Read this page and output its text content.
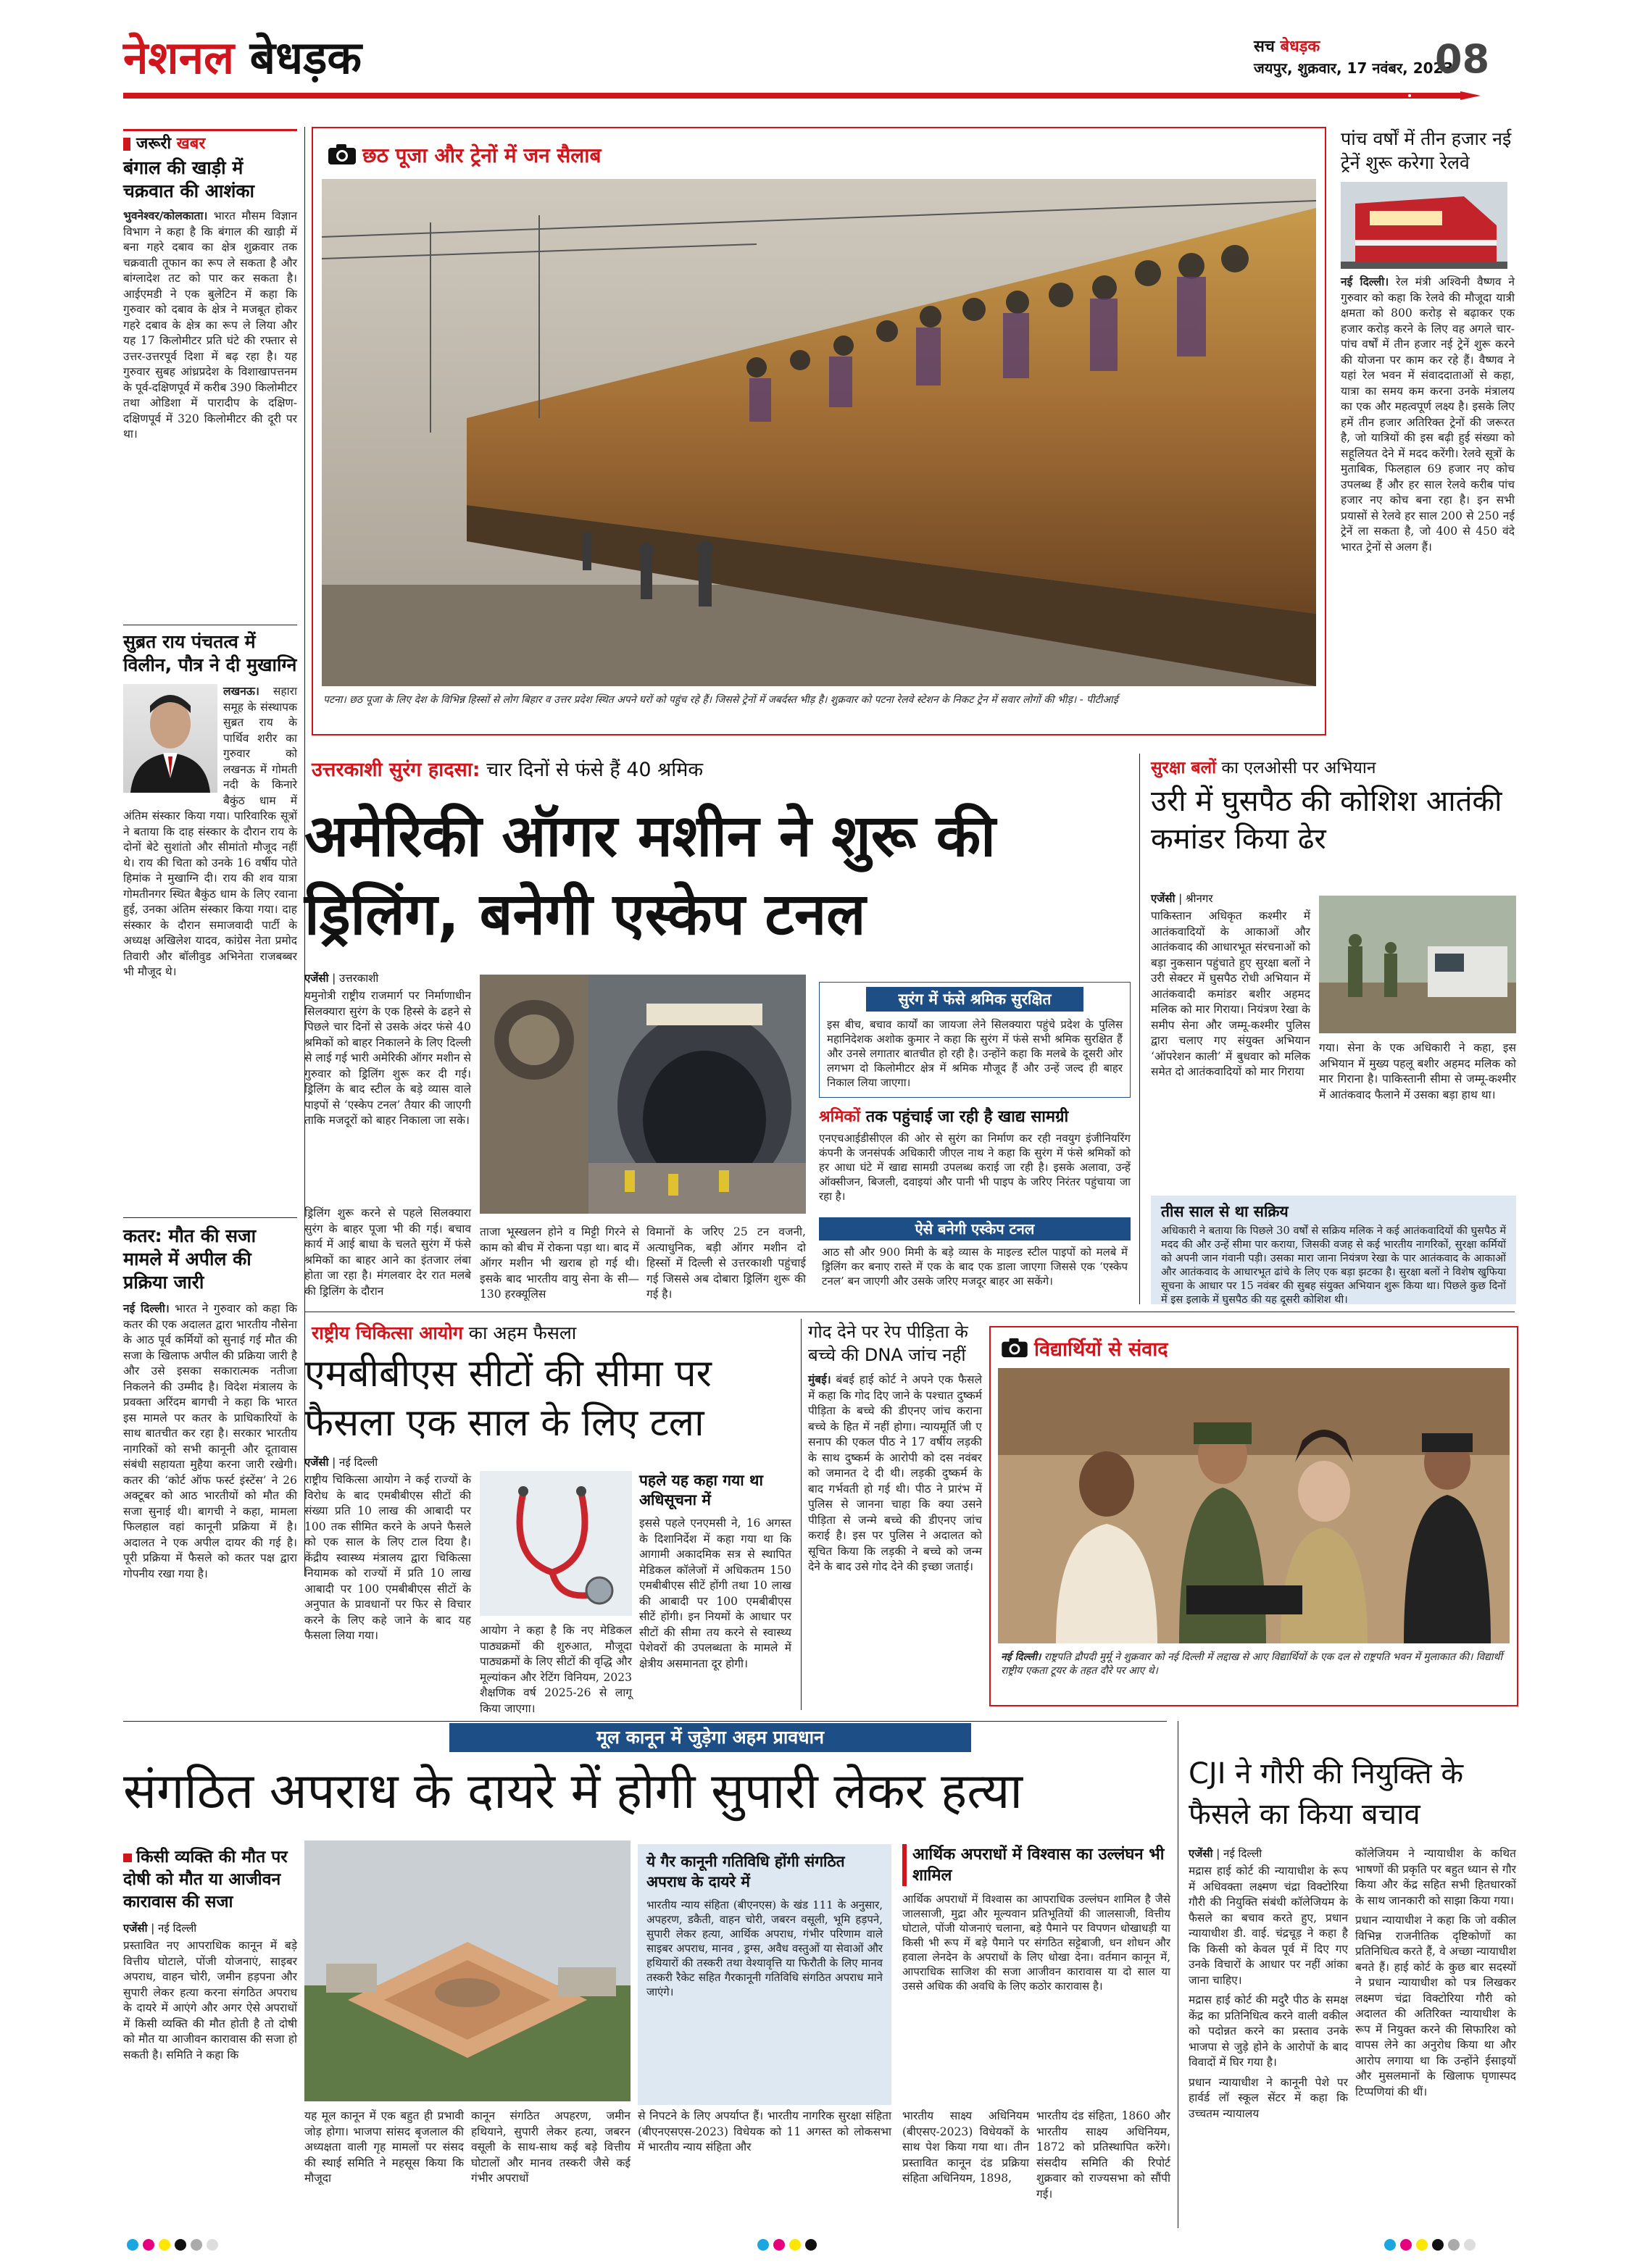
नेशनल बेधड़क	सच बेधड़क
जयपुर, शुक्रवार, 17 नवंबर, 2023
08
जरूरी खबर
बंगाल की खाड़ी में चक्रवात की आशंका
भुवनेश्वर/कोलकाता। भारत मौसम विज्ञान विभाग ने कहा है कि बंगाल की खाड़ी में बना गहरे दबाव का क्षेत्र शुक्रवार तक चक्रवाती तूफान का रूप ले सकता है और बांग्लादेश तट को पार कर सकता है। आईएमडी ने एक बुलेटिन में कहा कि गुरुवार को दबाव के क्षेत्र ने मजबूत होकर गहरे दबाव के क्षेत्र का रूप ले लिया और यह 17 किलोमीटर प्रति घंटे की रफ्तार से उत्तर-उत्तरपूर्व दिशा में बढ़ रहा है। यह गुरुवार सुबह आंध्रप्रदेश के विशाखापत्तनम के पूर्व-दक्षिणपूर्व में करीब 390 किलोमीटर तथा ओडिशा में पारादीप के दक्षिण-दक्षिणपूर्व में 320 किलोमीटर की दूरी पर था।
सुब्रत राय पंचतत्व में विलीन, पौत्र ने दी मुखाग्नि
लखनऊ। सहारा समूह के संस्थापक सुब्रत राय के पार्थिव शरीर का गुरुवार को लखनऊ में गोमती नदी के किनारे बैकुंठ धाम में अंतिम संस्कार किया गया। पारिवारिक सूत्रों ने बताया कि दाह संस्कार के दौरान राय के दोनों बेटे सुशांतो और सीमांतो मौजूद नहीं थे। राय की चिता को उनके 16 वर्षीय पोते हिमांक ने मुखाग्नि दी। राय की शव यात्रा गोमतीनगर स्थित बैकुंठ धाम के लिए रवाना हुई, उनका अंतिम संस्कार किया गया। दाह संस्कार के दौरान समाजवादी पार्टी के अध्यक्ष अखिलेश यादव, कांग्रेस नेता प्रमोद तिवारी और बॉलीवुड अभिनेता राजबब्बर भी मौजूद थे।
कतर: मौत की सजा मामले में अपील की प्रक्रिया जारी
नई दिल्ली। भारत ने गुरुवार को कहा कि कतर की एक अदालत द्वारा भारतीय नौसेना के आठ पूर्व कर्मियों को सुनाई गई मौत की सजा के खिलाफ अपील की प्रक्रिया जारी है और उसे इसका सकारात्मक नतीजा निकलने की उम्मीद है। विदेश मंत्रालय के प्रवक्ता अरिंदम बागची ने कहा कि भारत इस मामले पर कतर के प्राधिकारियों के साथ बातचीत कर रहा है। सरकार भारतीय नागरिकों को सभी कानूनी और दूतावास संबंधी सहायता मुहैया करना जारी रखेगी। कतर की ‘कोर्ट ऑफ फर्स्ट इंस्टेंस’ ने 26 अक्टूबर को आठ भारतीयों को मौत की सजा सुनाई थी। बागची ने कहा, मामला फिलहाल वहां कानूनी प्रक्रिया में है। अदालत ने एक अपील दायर की गई है। पूरी प्रक्रिया में फैसले को कतर पक्ष द्वारा गोपनीय रखा गया है।
छठ पूजा और ट्रेनों में जन सैलाब
पटना। छठ पूजा के लिए देश के विभिन्न हिस्सों से लोग बिहार व उत्तर प्रदेश स्थित अपने घरों को पहुंच रहे हैं। जिससे ट्रेनों में जबर्दस्त भीड़ है। शुक्रवार को पटना रेलवे स्टेशन के निकट ट्रेन में सवार लोगों की भीड़। - पीटीआई
पांच वर्षों में तीन हजार नई ट्रेनें शुरू करेगा रेलवे
नई दिल्ली। रेल मंत्री अश्विनी वैष्णव ने गुरुवार को कहा कि रेलवे की मौजूदा यात्री क्षमता को 800 करोड़ से बढ़ाकर एक हजार करोड़ करने के लिए वह अगले चार-पांच वर्षों में तीन हजार नई ट्रेनें शुरू करने की योजना पर काम कर रहे हैं। वैष्णव ने यहां रेल भवन में संवाददाताओं से कहा, यात्रा का समय कम करना उनके मंत्रालय का एक और महत्वपूर्ण लक्ष्य है। इसके लिए हमें तीन हजार अतिरिक्त ट्रेनों की जरूरत है, जो यात्रियों की इस बढ़ी हुई संख्या को सहूलियत देने में मदद करेंगी। रेलवे सूत्रों के मुताबिक, फिलहाल 69 हजार नए कोच उपलब्ध हैं और हर साल रेलवे करीब पांच हजार नए कोच बना रहा है। इन सभी प्रयासों से रेलवे हर साल 200 से 250 नई ट्रेनें ला सकता है, जो 400 से 450 वंदे भारत ट्रेनों से अलग हैं।
उत्तरकाशी सुरंग हादसा: चार दिनों से फंसे हैं 40 श्रमिक
अमेरिकी ऑगर मशीन ने शुरू की ड्रिलिंग, बनेगी एस्केप टनल
एजेंसी | उत्तरकाशी
यमुनोत्री राष्ट्रीय राजमार्ग पर निर्माणाधीन सिलक्यारा सुरंग के एक हिस्से के ढहने से पिछले चार दिनों से उसके अंदर फंसे 40 श्रमिकों को बाहर निकालने के लिए दिल्ली से लाई गई भारी अमेरिकी ऑगर मशीन से गुरुवार को ड्रिलिंग शुरू कर दी गई। ड्रिलिंग के बाद स्टील के बड़े व्यास वाले पाइपों से ‘एस्केप टनल’ तैयार की जाएगी ताकि मजदूरों को बाहर निकाला जा सके।
ड्रिलिंग शुरू करने से पहले सिलक्यारा सुरंग के बाहर पूजा भी की गई। बचाव कार्य में आई बाधा के चलते सुरंग में फंसे श्रमिकों का बाहर आने का इंतजार लंबा होता जा रहा है। मंगलवार देर रात मलबे की ड्रिलिंग के दौरान
ताजा भूस्खलन होने व मिट्टी गिरने से काम को बीच में रोकना पड़ा था। बाद में ऑगर मशीन भी खराब हो गई थी। इसके बाद भारतीय वायु सेना के सी—130 हरक्यूलिस
विमानों के जरिए 25 टन वजनी, अत्याधुनिक, बड़ी ऑगर मशीन दो हिस्सों में दिल्ली से उत्तरकाशी पहुंचाई गई जिससे अब दोबारा ड्रिलिंग शुरू की गई है।
सुरंग में फंसे श्रमिक सुरक्षित
इस बीच, बचाव कार्यों का जायजा लेने सिलक्यारा पहुंचे प्रदेश के पुलिस महानिदेशक अशोक कुमार ने कहा कि सुरंग में फंसे सभी श्रमिक सुरक्षित हैं और उनसे लगातार बातचीत हो रही है। उन्होंने कहा कि मलबे के दूसरी ओर लगभग दो किलोमीटर क्षेत्र में श्रमिक मौजूद हैं और उन्हें जल्द ही बाहर निकाल लिया जाएगा।
श्रमिकों तक पहुंचाई जा रही है खाद्य सामग्री
एनएचआईडीसीएल की ओर से सुरंग का निर्माण कर रही नवयुग इंजीनियरिंग कंपनी के जनसंपर्क अधिकारी जीएल नाथ ने कहा कि सुरंग में फंसे श्रमिकों को हर आधा घंटे में खाद्य सामग्री उपलब्ध कराई जा रही है। इसके अलावा, उन्हें ऑक्सीजन, बिजली, दवाइयां और पानी भी पाइप के जरिए निरंतर पहुंचाया जा रहा है।
ऐसे बनेगी एस्केप टनल
आठ सौ और 900 मिमी के बड़े व्यास के माइल्ड स्टील पाइपों को मलबे में ड्रिलिंग कर बनाए रास्ते में एक के बाद एक डाला जाएगा जिससे एक ‘एस्केप टनल’ बन जाएगी और उसके जरिए मजदूर बाहर आ सकेंगे।
सुरक्षा बलों का एलओसी पर अभियान
उरी में घुसपैठ की कोशिश आतंकी कमांडर किया ढेर
एजेंसी | श्रीनगर
पाकिस्तान अधिकृत कश्मीर में आतंकवादियों के आकाओं और आतंकवाद की आधारभूत संरचनाओं को बड़ा नुकसान पहुंचाते हुए सुरक्षा बलों ने उरी सेक्टर में घुसपैठ रोधी अभियान में आतंकवादी कमांडर बशीर अहमद मलिक को मार गिराया। नियंत्रण रेखा के समीप सेना और जम्मू-कश्मीर पुलिस द्वारा चलाए गए संयुक्त अभियान ‘ऑपरेशन काली’ में बुधवार को मलिक समेत दो आतंकवादियों को मार गिराया
गया। सेना के एक अधिकारी ने कहा, इस अभियान में मुख्य पहलू बशीर अहमद मलिक को मार गिराना है। पाकिस्तानी सीमा से जम्मू-कश्मीर में आतंकवाद फैलाने में उसका बड़ा हाथ था।
तीस साल से था सक्रिय
अधिकारी ने बताया कि पिछले 30 वर्षों से सक्रिय मलिक ने कई आतंकवादियों की घुसपैठ में मदद की और उन्हें सीमा पार कराया, जिसकी वजह से कई भारतीय नागरिकों, सुरक्षा कर्मियों को अपनी जान गंवानी पड़ी। उसका मारा जाना नियंत्रण रेखा के पार आतंकवाद के आकाओं और आतंकवाद के आधारभूत ढांचे के लिए एक बड़ा झटका है। सुरक्षा बलों ने विशेष खुफिया सूचना के आधार पर 15 नवंबर की सुबह संयुक्त अभियान शुरू किया था। पिछले कुछ दिनों में इस इलाके में घुसपैठ की यह दूसरी कोशिश थी।
राष्ट्रीय चिकित्सा आयोग का अहम फैसला
एमबीबीएस सीटों की सीमा पर फैसला एक साल के लिए टला
एजेंसी | नई दिल्ली
राष्ट्रीय चिकित्सा आयोग ने कई राज्यों के विरोध के बाद एमबीबीएस सीटों की संख्या प्रति 10 लाख की आबादी पर 100 तक सीमित करने के अपने फैसले को एक साल के लिए टाल दिया है। केंद्रीय स्वास्थ्य मंत्रालय द्वारा चिकित्सा नियामक को राज्यों में प्रति 10 लाख आबादी पर 100 एमबीबीएस सीटों के अनुपात के प्रावधानों पर फिर से विचार करने के लिए कहे जाने के बाद यह फैसला लिया गया।	आयोग ने कहा है कि नए मेडिकल पाठ्यक्रमों की शुरुआत, मौजूदा पाठ्यक्रमों के लिए सीटों की वृद्धि और मूल्यांकन और रेटिंग विनियम, 2023 शैक्षणिक वर्ष 2025-26 से लागू किया जाएगा।
पहले यह कहा गया था अधिसूचना में
इससे पहले एनएमसी ने, 16 अगस्त के दिशानिर्देश में कहा गया था कि आगामी अकादमिक सत्र से स्थापित मेडिकल कॉलेजों में अधिकतम 150 एमबीबीएस सीटें होंगी तथा 10 लाख की आबादी पर 100 एमबीबीएस सीटें होंगी। इन नियमों के आधार पर सीटों की सीमा तय करने से स्वास्थ्य पेशेवरों की उपलब्धता के मामले में क्षेत्रीय असमानता दूर होगी।
गोद देने पर रेप पीड़िता के बच्चे की DNA जांच नहीं
मुंबई। बंबई हाई कोर्ट ने अपने एक फैसले में कहा कि गोद दिए जाने के पश्चात दुष्कर्म पीड़िता के बच्चे की डीएनए जांच कराना बच्चे के हित में नहीं होगा। न्यायमूर्ति जी ए सनाप की एकल पीठ ने 17 वर्षीय लड़की के साथ दुष्कर्म के आरोपी को दस नवंबर को जमानत दे दी थी। लड़की दुष्कर्म के बाद गर्भवती हो गई थी। पीठ ने प्रारंभ में पुलिस से जानना चाहा कि क्या उसने पीड़िता से जन्मे बच्चे की डीएनए जांच कराई है। इस पर पुलिस ने अदालत को सूचित किया कि लड़की ने बच्चे को जन्म देने के बाद उसे गोद देने की इच्छा जताई।
विद्यार्थियों से संवाद
नई दिल्ली। राष्ट्रपति द्रौपदी मुर्मू ने शुक्रवार को नई दिल्ली में लद्दाख से आए विद्यार्थियों के एक दल से राष्ट्रपति भवन में मुलाकात की। विद्यार्थी राष्ट्रीय एकता टूयर के तहत दौरे पर आए थे।
मूल कानून में जुड़ेगा अहम प्रावधान
संगठित अपराध के दायरे में होगी सुपारी लेकर हत्या
किसी व्यक्ति की मौत पर दोषी को मौत या आजीवन कारावास की सजा
एजेंसी | नई दिल्ली
प्रस्तावित नए आपराधिक कानून में बड़े वित्तीय घोटाले, पोंजी योजनाएं, साइबर अपराध, वाहन चोरी, जमीन हड़पना और सुपारी लेकर हत्या करना संगठित अपराध के दायरे में आएंगे और अगर ऐसे अपराधों में किसी व्यक्ति की मौत होती है तो दोषी को मौत या आजीवन कारावास की सजा हो सकती है। समिति ने कहा कि
यह मूल कानून में एक बहुत ही प्रभावी जोड़ होगा। भाजपा सांसद बृजलाल की अध्यक्षता वाली गृह मामलों पर संसद की स्थाई समिति ने महसूस किया कि मौजूदा
कानून संगठित अपहरण, जमीन हथियाने, सुपारी लेकर हत्या, जबरन वसूली के साथ-साथ कई बड़े वित्तीय घोटालों और मानव तस्करी जैसे कई गंभीर अपराधों
ये गैर कानूनी गतिविधि होंगी संगठित अपराध के दायरे में
भारतीय न्याय संहिता (बीएनएस) के खंड 111 के अनुसार, अपहरण, डकैती, वाहन चोरी, जबरन वसूली, भूमि हड़पने, सुपारी लेकर हत्या, आर्थिक अपराध, गंभीर परिणाम वाले साइबर अपराध, मानव , ड्रग्स, अवैध वस्तुओं या सेवाओं और हथियारों की तस्करी तथा वेश्यावृत्ति या फिरौती के लिए मानव तस्करी रैकेट सहित गैरकानूनी गतिविधि संगठित अपराध माने जाएंगे।
से निपटने के लिए अपर्याप्त हैं। भारतीय नागरिक सुरक्षा संहिता (बीएनएसएस-2023) विधेयक को 11 अगस्त को लोकसभा में भारतीय न्याय संहिता और
आर्थिक अपराधों में विश्वास का उल्लंघन भी शामिल
आर्थिक अपराधों में विश्वास का आपराधिक उल्लंघन शामिल है जैसे जालसाजी, मुद्रा और मूल्यवान प्रतिभूतियों की जालसाजी, वित्तीय घोटाले, पोंजी योजनाएं चलाना, बड़े पैमाने पर विपणन धोखाधड़ी या किसी भी रूप में बड़े पैमाने पर संगठित सट्टेबाजी, धन शोधन और हवाला लेनदेन के अपराधों के लिए धोखा देना। वर्तमान कानून में, आपराधिक साजिश की सजा आजीवन कारावास या दो साल या उससे अधिक की अवधि के लिए कठोर कारावास है।
भारतीय साक्ष्य अधिनियम (बीएसए-2023) विधेयकों के साथ पेश किया गया था। तीन प्रस्तावित कानून दंड प्रक्रिया संहिता अधिनियम, 1898,
भारतीय दंड संहिता, 1860 और भारतीय साक्ष्य अधिनियम, 1872 को प्रतिस्थापित करेंगे। संसदीय समिति की रिपोर्ट शुक्रवार को राज्यसभा को सौंपी गई।
CJI ने गौरी की नियुक्ति के फैसले का किया बचाव
एजेंसी | नई दिल्ली

मद्रास हाई कोर्ट की न्यायाधीश के रूप में अधिवक्ता लक्ष्मण चंद्रा विक्टोरिया गौरी की नियुक्ति संबंधी कॉलेजियम के फैसले का बचाव करते हुए, प्रधान न्यायाधीश डी. वाई. चंद्रचूड़ ने कहा है कि किसी को केवल पूर्व में दिए गए उनके विचारों के आधार पर नहीं आंका जाना चाहिए।

मद्रास हाई कोर्ट की मदुरै पीठ के समक्ष केंद्र का प्रतिनिधित्व करने वाली वकील को पदोन्नत करने का प्रस्ताव उनके भाजपा से जुड़े होने के आरोपों के बाद विवादों में घिर गया है।

प्रधान न्यायाधीश ने कानूनी पेशे पर हार्वर्ड लॉ स्कूल सेंटर में कहा कि उच्चतम न्यायालय

कॉलेजियम ने न्यायाधीश के कथित भाषणों की प्रकृति पर बहुत ध्यान से गौर किया और केंद्र सहित सभी हितधारकों के साथ जानकारी को साझा किया गया।

प्रधान न्यायाधीश ने कहा कि जो वकील विभिन्न राजनीतिक दृष्टिकोणों का प्रतिनिधित्व करते हैं, वे अच्छा न्यायाधीश बनते हैं। हाई कोर्ट के कुछ बार सदस्यों ने प्रधान न्यायाधीश को पत्र लिखकर लक्ष्मण चंद्रा विक्टोरिया गौरी को अदालत की अतिरिक्त न्यायाधीश के रूप में नियुक्त करने की सिफारिश को वापस लेने का अनुरोध किया था और आरोप लगाया था कि उन्होंने ईसाइयों और मुसलमानों के खिलाफ घृणास्पद टिप्पणियां की थीं।
